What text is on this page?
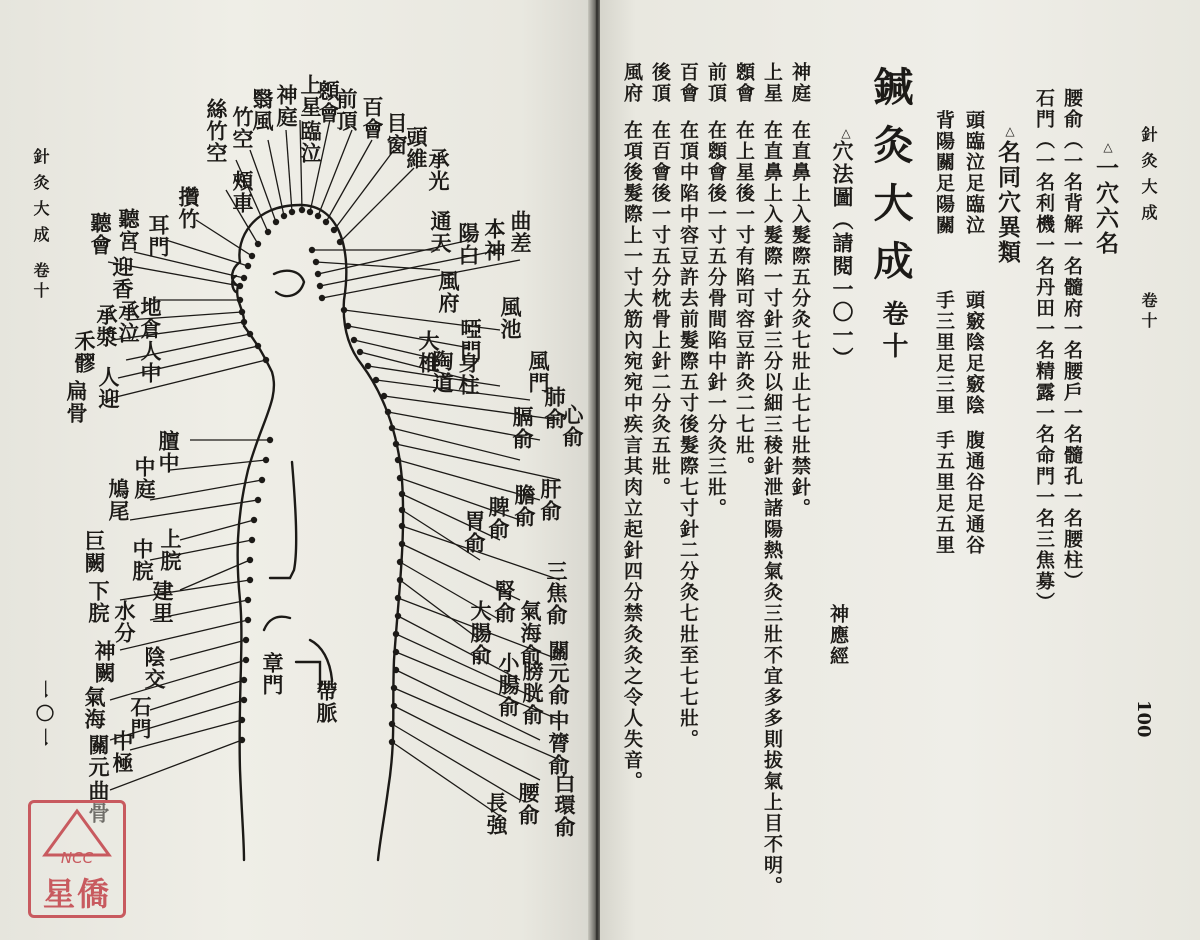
針灸大成
卷十
一〇一
百會
前頂
顖會
上星
神庭
目窗
臨泣	頭維
竹空
絲竹空
頰車
翳風
承光
通天
攢竹
耳門
聽宮
聽會	曲差
本神
陽白
承漿
承泣
地倉
迎香
禾髎 人中
扁骨 人迎
風池
啞門
大椎
風府
陶道 身柱 風門
肺俞
心俞
膈俞
肝俞
膽俞
脾俞
胃俞
三焦俞
腎俞 氣海俞
大腸俞
關元俞
小腸俞 膀胱俞
中膂俞
白環俞
腰俞
長強
膻中
中庭
鳩尾
巨闕 上脘
中脘
建里
下脘 水分
神闕 陰交
氣海 石門
關元 中極
曲骨
章門
帶脈
NCC
星僑
針灸大成
卷十
100
△
一穴六名
腰俞（一名背解一名髓府一名腰戶一名髓孔一名腰柱）
石門（一名利機一名丹田一名精露一名命門一名三焦募）
△
名同穴異類
頭臨泣足臨泣
頭竅陰足竅陰
腹通谷足通谷
背陽關足陽關
手三里足三里
手五里足五里
鍼灸大成
卷十
△
穴法圖（請閱一〇一）
神應經
神庭
在直鼻上入髮際五分灸七壯止七七壯禁針。
上星
在直鼻上入髮際一寸針三分以細三稜針泄諸陽熱氣灸三壯不宜多多則拔氣上目不明。
顖會
在上星後一寸有陷可容豆許灸二七壯。
前頂
在顖會後一寸五分骨間陷中針一分灸三壯。
百會
在頂中陷中容豆許去前髮際五寸後髮際七寸針二分灸七壯至七七壯。
後頂
在百會後一寸五分枕骨上針二分灸五壯。
風府
在項後髮際上一寸大筋內宛宛中疾言其肉立起針四分禁灸灸之令人失音。
